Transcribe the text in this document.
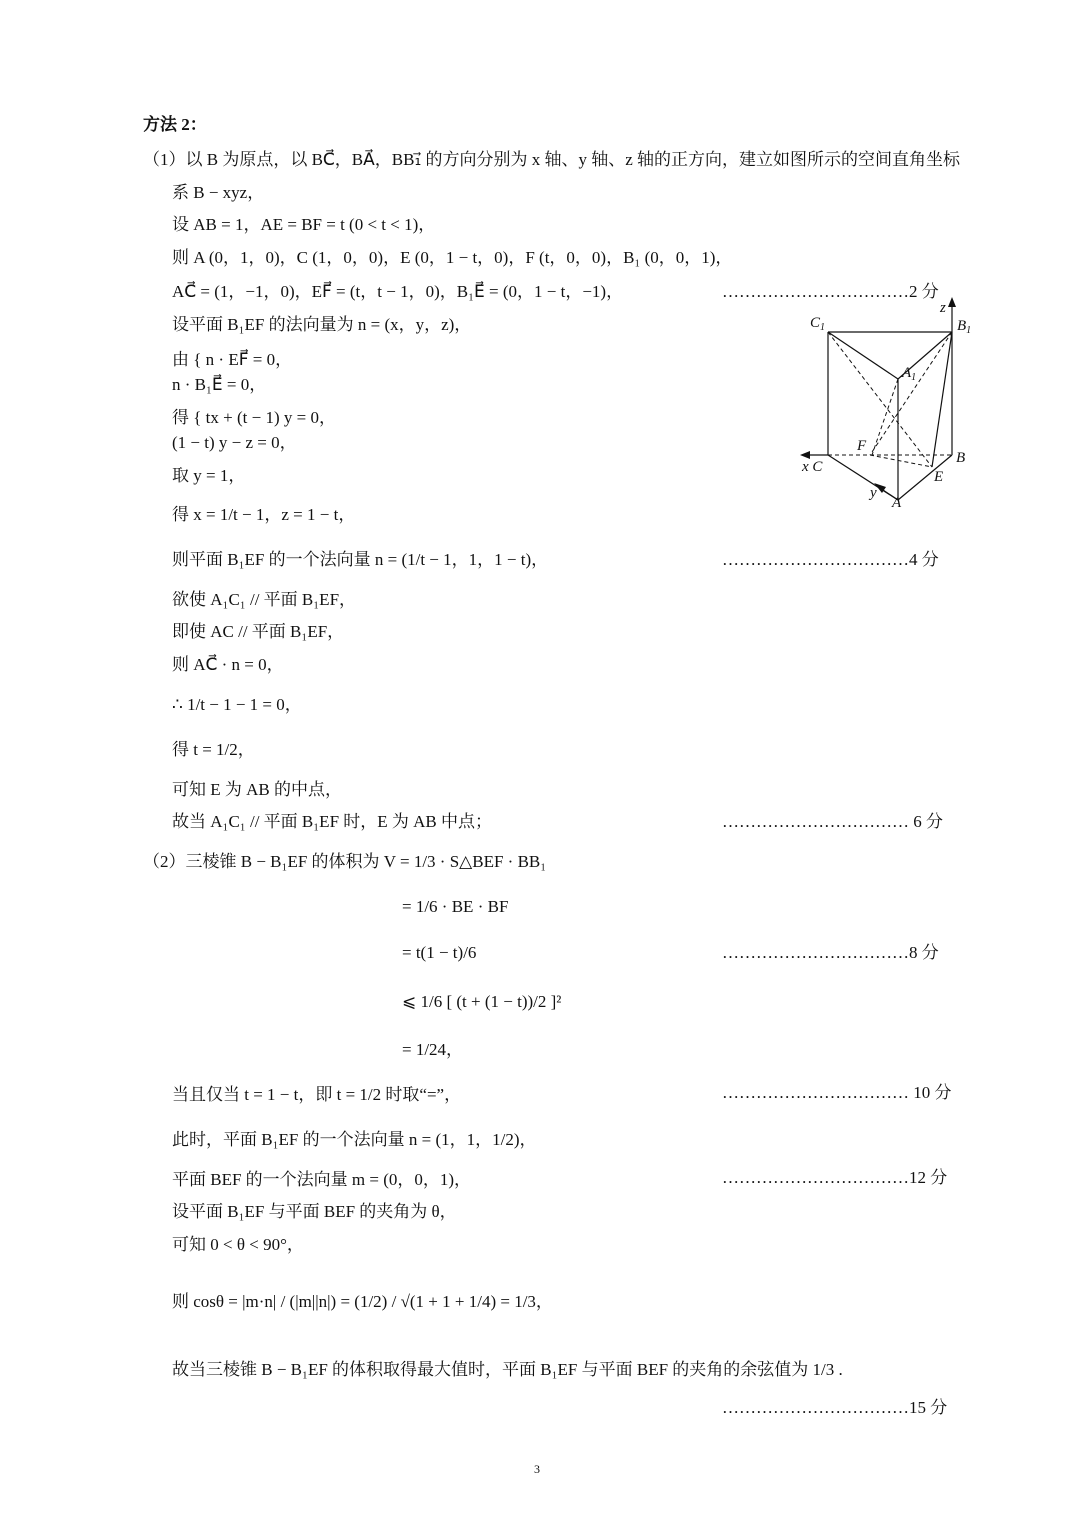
方法 2：
（1）以 B 为原点，以 BC⃗，BA⃗，BB₁⃗ 的方向分别为 x 轴、y 轴、z 轴的正方向，建立如图所示的空间直角坐标
系 B − xyz，
设 AB = 1，AE = BF = t (0 < t < 1)，
则 A (0，1，0)，C (1，0，0)，E (0，1 − t，0)，F (t，0，0)，B₁ (0，0，1)，
AC⃗ = (1，−1，0)，EF⃗ = (t，t − 1，0)，B₁E⃗ = (0，1 − t，−1)，
设平面 B₁EF 的法向量为 n = (x，y，z)，
由 { n · EF⃗ = 0，
n · B₁E⃗ = 0，
得 { tx + (t − 1) y = 0，
(1 − t) y − z = 0，
取 y = 1，
得 x = 1/t − 1，z = 1 − t，
则平面 B₁EF 的一个法向量 n = (1/t − 1，1，1 − t)，
欲使 A₁C₁ // 平面 B₁EF，
即使 AC // 平面 B₁EF，
则 AC⃗ · n = 0，
∴ 1/t − 1 − 1 = 0，
得 t = 1/2，
可知 E 为 AB 的中点，
故当 A₁C₁ // 平面 B₁EF 时，E 为 AB 中点；
（2）三棱锥 B − B₁EF 的体积为 V = 1/3 · S△BEF · BB₁
= 1/6 · BE · BF
= t(1 − t)/6
⩽ 1/6 [ (t + (1 − t))/2 ]²
= 1/24，
当且仅当 t = 1 − t，即 t = 1/2 时取“=”，
此时，平面 B₁EF 的一个法向量 n = (1，1，1/2)，
平面 BEF 的一个法向量 m = (0，0，1)，
设平面 B₁EF 与平面 BEF 的夹角为 θ，
可知 0 < θ < 90°，
则 cosθ = |m·n| / (|m||n|) = (1/2) / √(1 + 1 + 1/4) = 1/3，
故当三棱锥 B − B₁EF 的体积取得最大值时，平面 B₁EF 与平面 BEF 的夹角的余弦值为 1/3 .
……………………………2 分
……………………………4 分
…………………………… 6 分
……………………………8 分
…………………………… 10 分
……………………………12 分
……………………………15 分
$C_1$	$B_1$
z
$A_1$
F
x C
B
E
y
A
3
